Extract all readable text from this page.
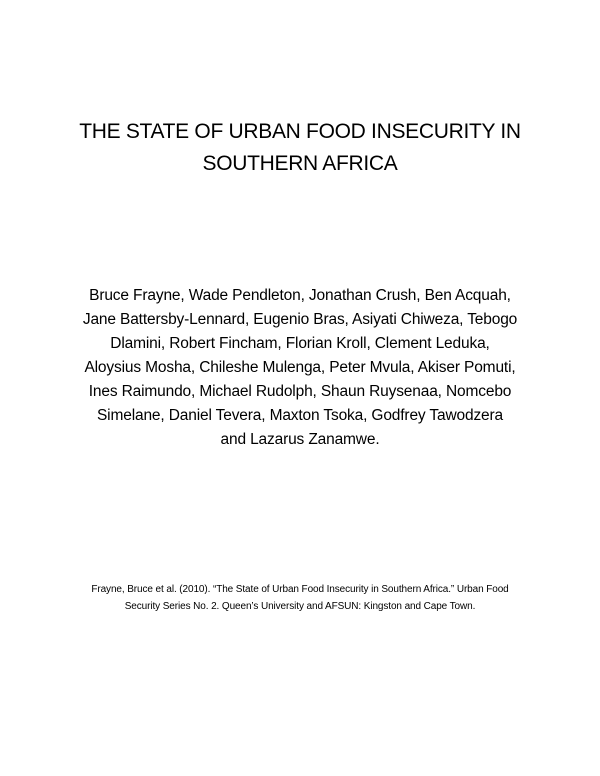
THE STATE OF URBAN FOOD INSECURITY IN
SOUTHERN AFRICA
Bruce Frayne, Wade Pendleton, Jonathan Crush, Ben Acquah,
Jane Battersby-Lennard, Eugenio Bras, Asiyati Chiweza, Tebogo
Dlamini, Robert Fincham, Florian Kroll, Clement Leduka,
Aloysius Mosha, Chileshe Mulenga, Peter Mvula, Akiser Pomuti,
Ines Raimundo, Michael Rudolph, Shaun Ruysenaa, Nomcebo
Simelane, Daniel Tevera, Maxton Tsoka, Godfrey Tawodzera
and Lazarus Zanamwe.
Frayne, Bruce et al. (2010). “The State of Urban Food Insecurity in Southern Africa.” Urban Food
Security Series No. 2. Queen’s University and AFSUN: Kingston and Cape Town.
